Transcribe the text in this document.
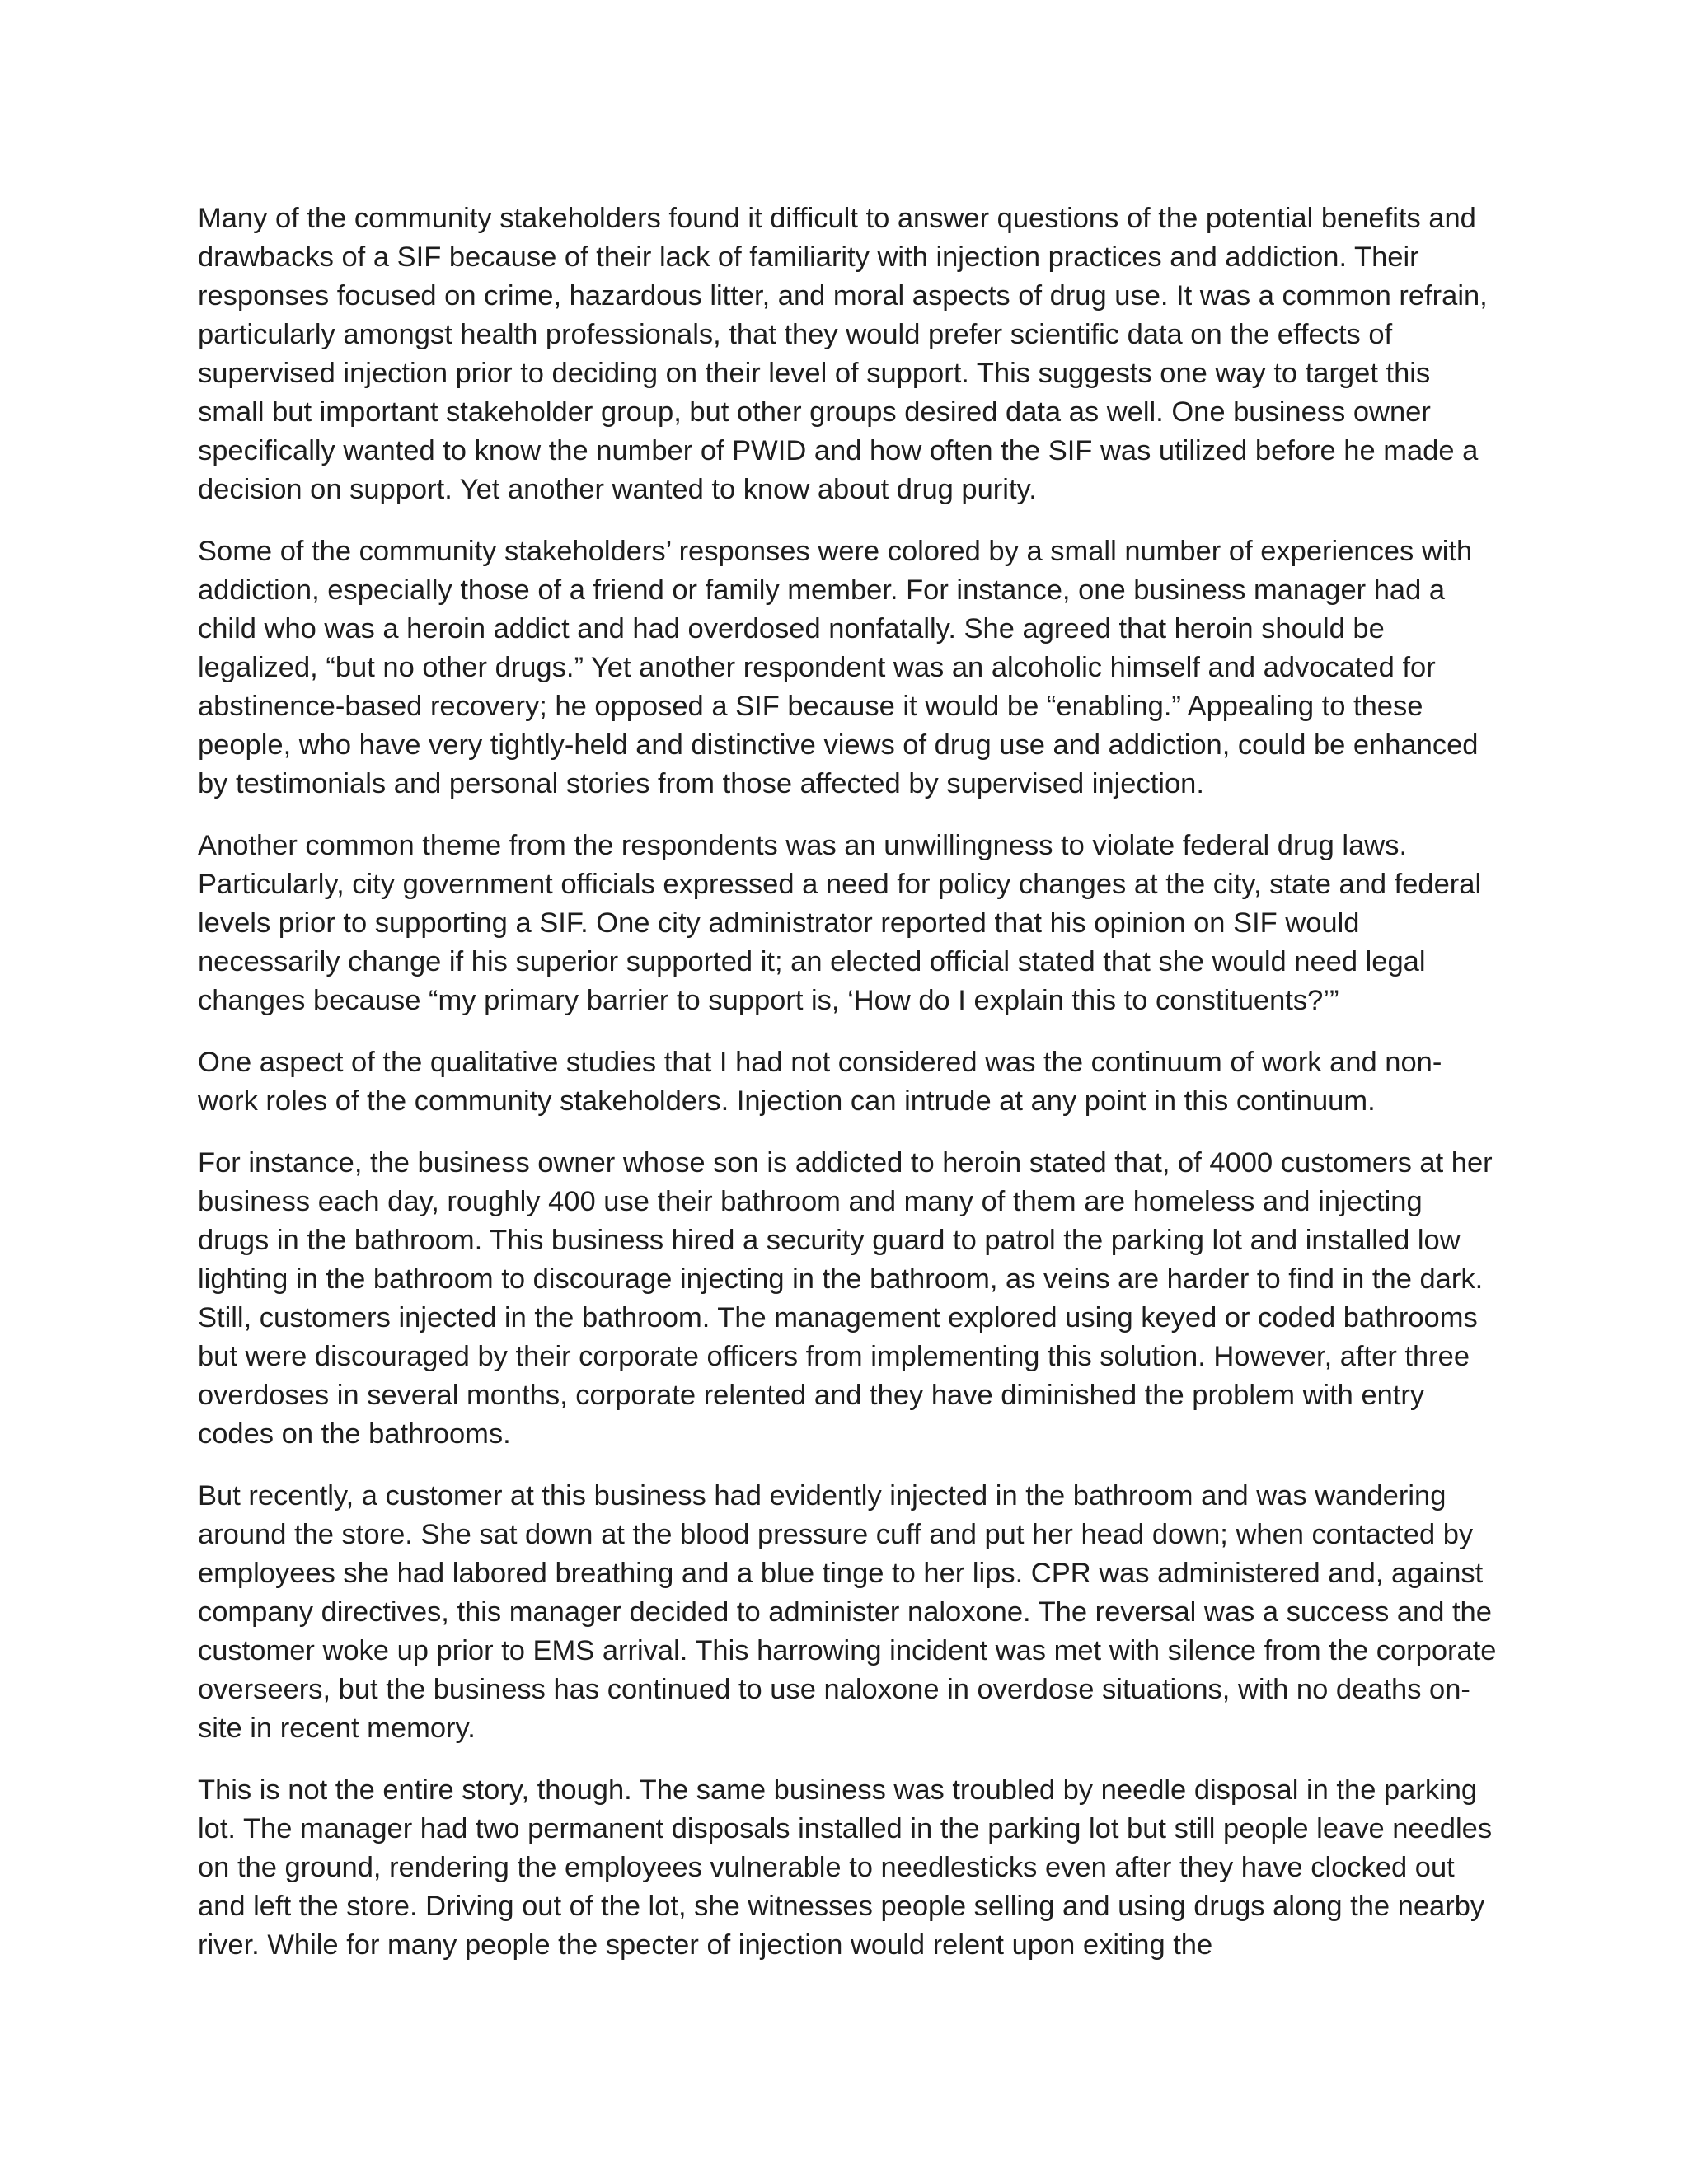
Many of the community stakeholders found it difficult to answer questions of the potential benefits and drawbacks of a SIF because of their lack of familiarity with injection practices and addiction. Their responses focused on crime, hazardous litter, and moral aspects of drug use. It was a common refrain, particularly amongst health professionals, that they would prefer scientific data on the effects of supervised injection prior to deciding on their level of support. This suggests one way to target this small but important stakeholder group, but other groups desired data as well. One business owner specifically wanted to know the number of PWID and how often the SIF was utilized before he made a decision on support. Yet another wanted to know about drug purity.

Some of the community stakeholders’ responses were colored by a small number of experiences with addiction, especially those of a friend or family member. For instance, one business manager had a child who was a heroin addict and had overdosed nonfatally. She agreed that heroin should be legalized, “but no other drugs.” Yet another respondent was an alcoholic himself and advocated for abstinence-based recovery; he opposed a SIF because it would be “enabling.” Appealing to these people, who have very tightly-held and distinctive views of drug use and addiction, could be enhanced by testimonials and personal stories from those affected by supervised injection.

Another common theme from the respondents was an unwillingness to violate federal drug laws. Particularly, city government officials expressed a need for policy changes at the city, state and federal levels prior to supporting a SIF. One city administrator reported that his opinion on SIF would necessarily change if his superior supported it; an elected official stated that she would need legal changes because “my primary barrier to support is, ‘How do I explain this to constituents?’”

One aspect of the qualitative studies that I had not considered was the continuum of work and non-work roles of the community stakeholders. Injection can intrude at any point in this continuum.

For instance, the business owner whose son is addicted to heroin stated that, of 4000 customers at her business each day, roughly 400 use their bathroom and many of them are homeless and injecting drugs in the bathroom. This business hired a security guard to patrol the parking lot and installed low lighting in the bathroom to discourage injecting in the bathroom, as veins are harder to find in the dark. Still, customers injected in the bathroom. The management explored using keyed or coded bathrooms but were discouraged by their corporate officers from implementing this solution. However, after three overdoses in several months, corporate relented and they have diminished the problem with entry codes on the bathrooms.

But recently, a customer at this business had evidently injected in the bathroom and was wandering around the store. She sat down at the blood pressure cuff and put her head down; when contacted by employees she had labored breathing and a blue tinge to her lips. CPR was administered and, against company directives, this manager decided to administer naloxone. The reversal was a success and the customer woke up prior to EMS arrival. This harrowing incident was met with silence from the corporate overseers, but the business has continued to use naloxone in overdose situations, with no deaths on-site in recent memory.

This is not the entire story, though. The same business was troubled by needle disposal in the parking lot. The manager had two permanent disposals installed in the parking lot but still people leave needles on the ground, rendering the employees vulnerable to needlesticks even after they have clocked out and left the store. Driving out of the lot, she witnesses people selling and using drugs along the nearby river. While for many people the specter of injection would relent upon exiting the
